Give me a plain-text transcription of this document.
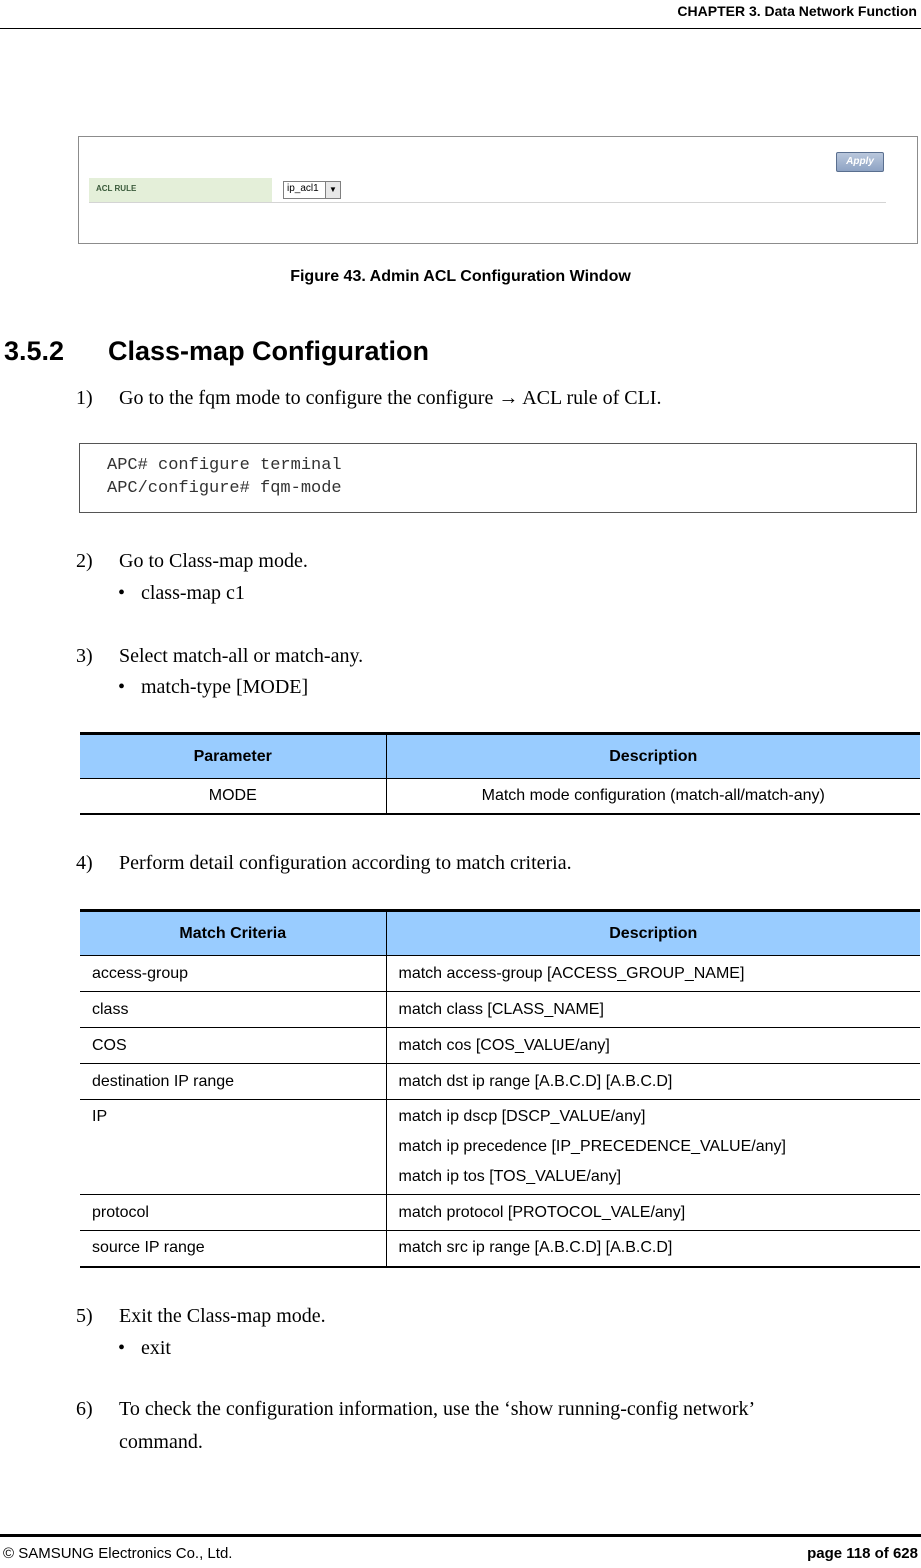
CHAPTER 3. Data Network Function
Apply
ACL RULE	ip_acl1	▼
Figure 43. Admin ACL Configuration Window
3.5.2 Class-map Configuration
1) Go to the fqm mode to configure the configure → ACL rule of CLI.
APC# configure terminal
APC/configure# fqm-mode
2) Go to Class-map mode.
• class-map c1
3) Select match-all or match-any.
• match-type [MODE]
Parameter	Description
MODE	Match mode configuration (match-all/match-any)
4) Perform detail configuration according to match criteria.
Match Criteria	Description
access-group	match access-group [ACCESS_GROUP_NAME]
class	match class [CLASS_NAME]
COS	match cos [COS_VALUE/any]
destination IP range	match dst ip range [A.B.C.D] [A.B.C.D]
IP	match ip dscp [DSCP_VALUE/any]
match ip precedence [IP_PRECEDENCE_VALUE/any]
match ip tos [TOS_VALUE/any]

protocol	match protocol [PROTOCOL_VALE/any]
source IP range	match src ip range [A.B.C.D] [A.B.C.D]
5) Exit the Class-map mode.
• exit
6) To check the configuration information, use the ‘show running-config network’
command.
© SAMSUNG Electronics Co., Ltd.	page 118 of 628
